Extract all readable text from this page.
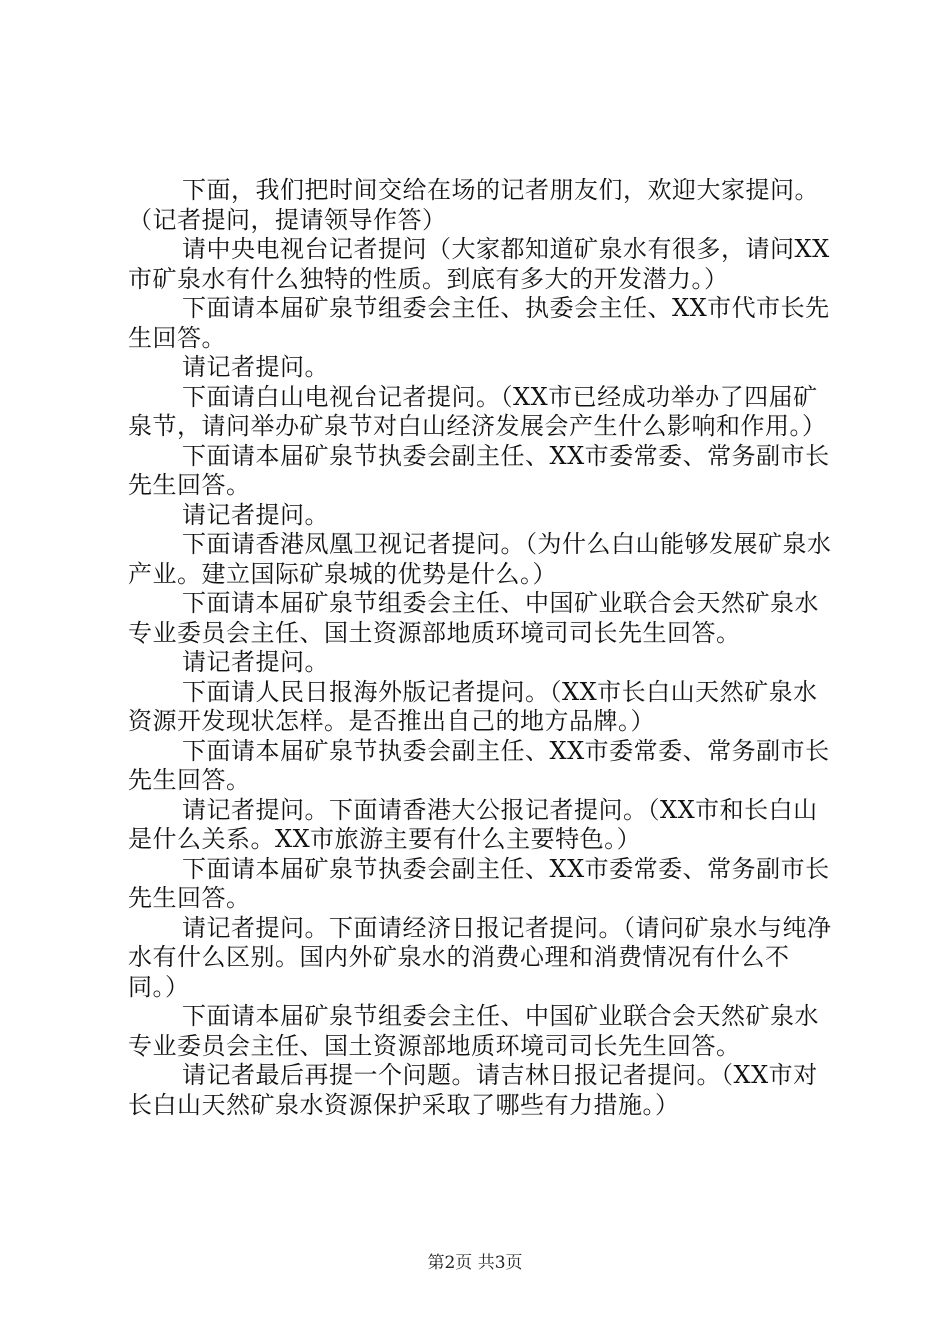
下面，我们把时间交给在场的记者朋友们，欢迎大家提问。（记者提问，提请领导作答）

请中央电视台记者提问（大家都知道矿泉水有很多，请问XX市矿泉水有什么独特的性质。到底有多大的开发潜力。）

下面请本届矿泉节组委会主任、执委会主任、XX市代市长先生回答。

请记者提问。

下面请白山电视台记者提问。（XX市已经成功举办了四届矿泉节，请问举办矿泉节对白山经济发展会产生什么影响和作用。）

下面请本届矿泉节执委会副主任、XX市委常委、常务副市长先生回答。

请记者提问。

下面请香港凤凰卫视记者提问。（为什么白山能够发展矿泉水产业。建立国际矿泉城的优势是什么。）

下面请本届矿泉节组委会主任、中国矿业联合会天然矿泉水专业委员会主任、国土资源部地质环境司司长先生回答。

请记者提问。

下面请人民日报海外版记者提问。（XX市长白山天然矿泉水资源开发现状怎样。是否推出自己的地方品牌。）

下面请本届矿泉节执委会副主任、XX市委常委、常务副市长先生回答。

请记者提问。下面请香港大公报记者提问。（XX市和长白山是什么关系。XX市旅游主要有什么主要特色。）

下面请本届矿泉节执委会副主任、XX市委常委、常务副市长先生回答。

请记者提问。下面请经济日报记者提问。（请问矿泉水与纯净水有什么区别。国内外矿泉水的消费心理和消费情况有什么不同。）

下面请本届矿泉节组委会主任、中国矿业联合会天然矿泉水专业委员会主任、国土资源部地质环境司司长先生回答。

请记者最后再提一个问题。请吉林日报记者提问。（XX市对长白山天然矿泉水资源保护采取了哪些有力措施。）

第2页 共3页
